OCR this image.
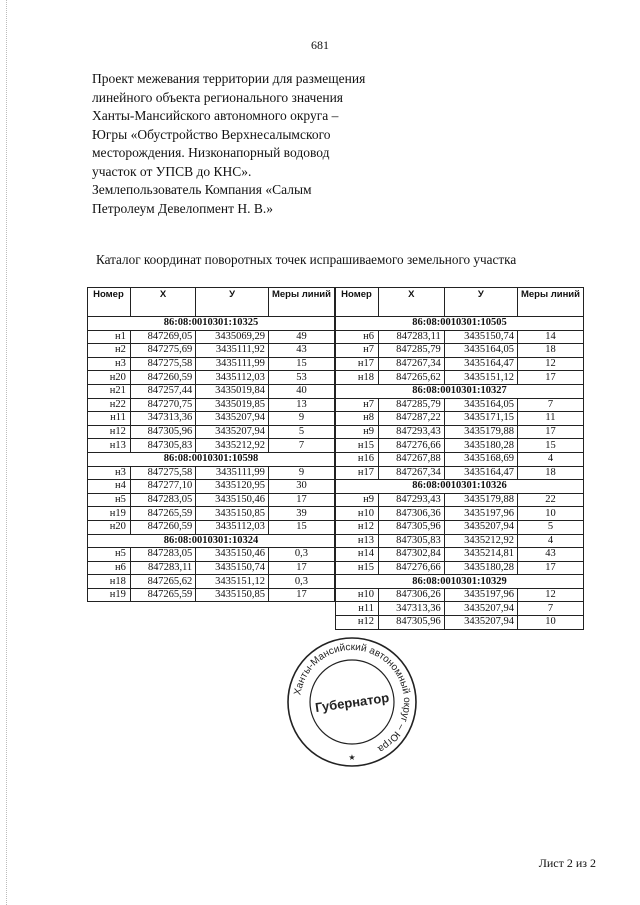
681
Проект межевания территории для размещения
линейного объекта регионального значения
Ханты-Мансийского автономного округа –
Югры «Обустройство Верхнесалымского
месторождения. Низконапорный водовод
участок от УПСВ до КНС».
Землепользователь Компания «Салым
Петролеум Девелопмент Н. В.»
Каталог координат поворотных точек испрашиваемого земельного участка
Номер	X	У	Меры линий
86:08:0010301:10325			
н1	847269,05	3435069,29	49
н2	847275,69	3435111,92	43
н3	847275,58	3435111,99	15
н20	847260,59	3435112,03	53
н21	847257,44	3435019,84	40
н22	847270,75	3435019,85	13
н11	347313,36	3435207,94	9
н12	847305,96	3435207,94	5
н13	847305,83	3435212,92	7
86:08:0010301:10598			
н3	847275,58	3435111,99	9
н4	847277,10	3435120,95	30
н5	847283,05	3435150,46	17
н19	847265,59	3435150,85	39
н20	847260,59	3435112,03	15
86:08:0010301:10324			
н5	847283,05	3435150,46	0,3
н6	847283,11	3435150,74	17
н18	847265,62	3435151,12	0,3
н19	847265,59	3435150,85	17
Номер	X	У	Меры линий
86:08:0010301:10505			
н6	847283,11	3435150,74	14
н7	847285,79	3435164,05	18
н17	847267,34	3435164,47	12
н18	847265,62	3435151,12	17
86:08:0010301:10327			
н7	847285,79	3435164,05	7
н8	847287,22	3435171,15	11
н9	847293,43	3435179,88	17
н15	847276,66	3435180,28	15
н16	847267,88	3435168,69	4
н17	847267,34	3435164,47	18
86:08:0010301:10326			
н9	847293,43	3435179,88	22
н10	847306,36	3435197,96	10
н12	847305,96	3435207,94	5
н13	847305,83	3435212,92	4
н14	847302,84	3435214,81	43
н15	847276,66	3435180,28	17
86:08:0010301:10329			
н10	847306,26	3435197,96	12
н11	347313,36	3435207,94	7
н12	847305,96	3435207,94	10
Ханты-Мансийский автономный округ – Югра
Губернатор
★
Лист 2 из 2
